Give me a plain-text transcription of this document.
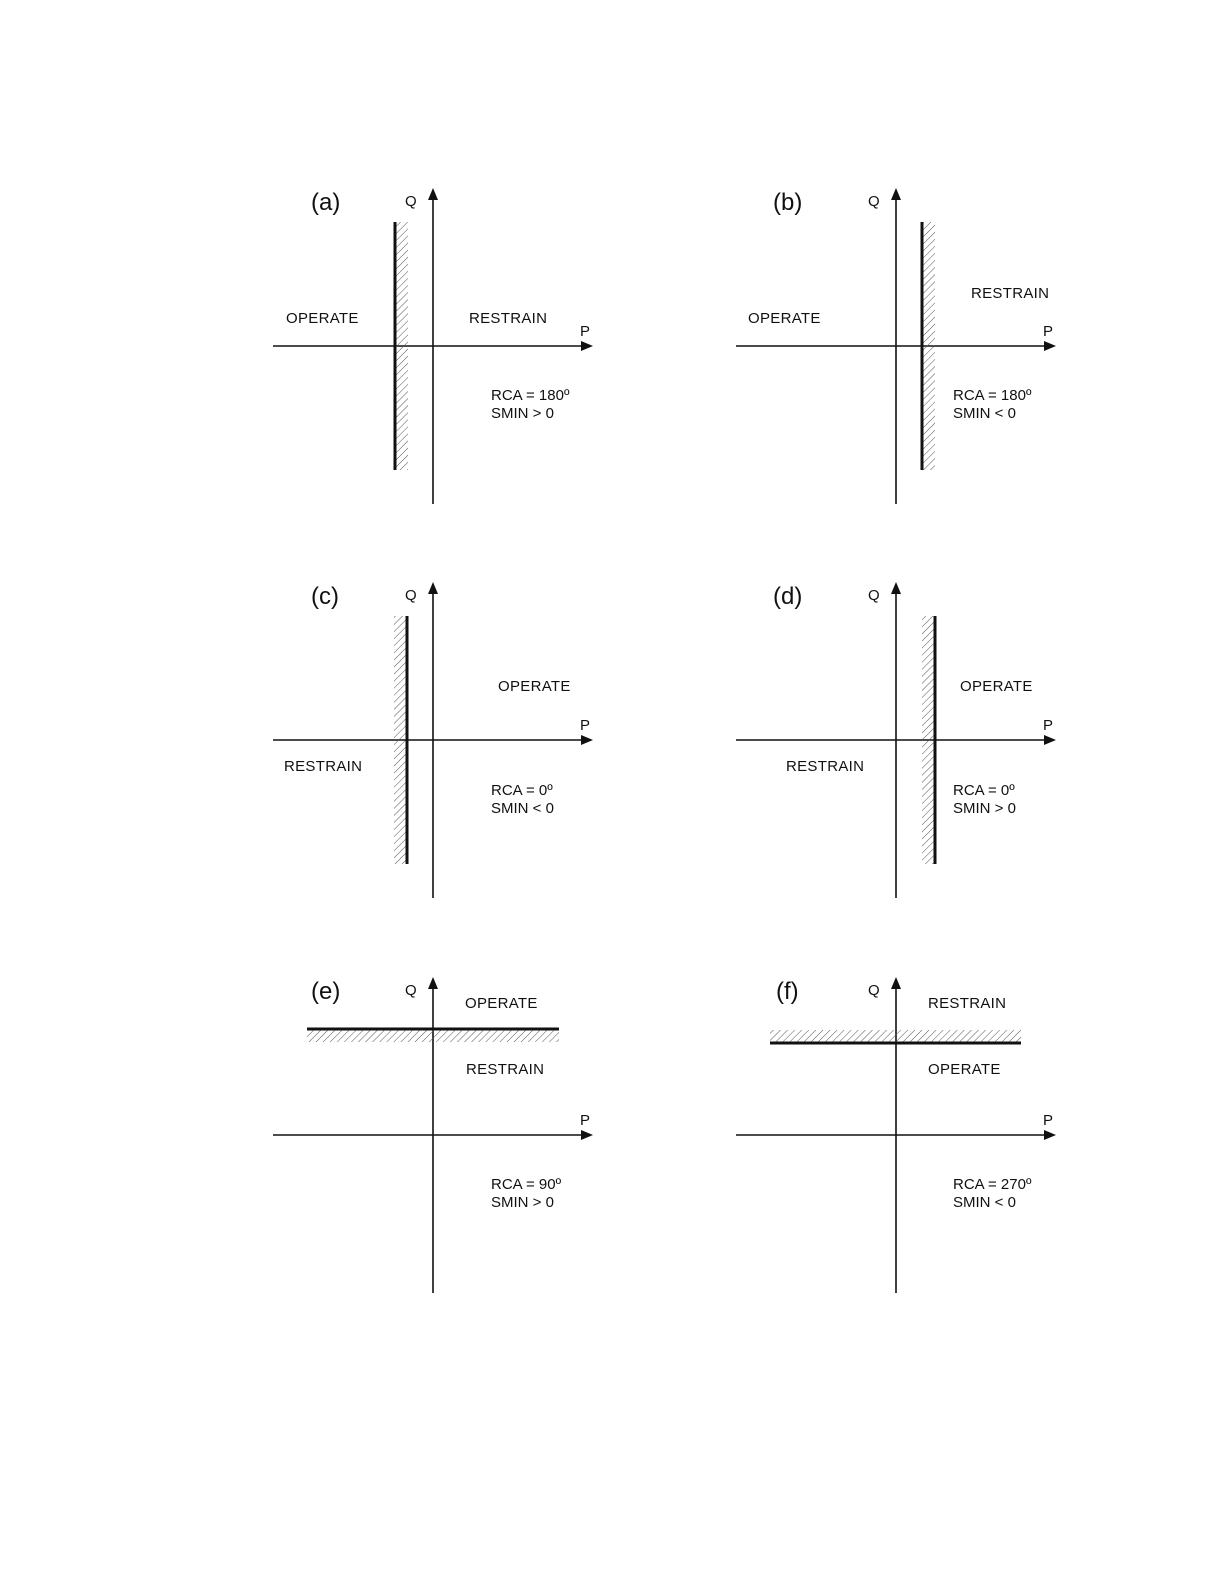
(a)
P
Q
OPERATE	RESTRAIN
RCA = 180º
SMIN > 0
(b)
P
Q
OPERATE
RESTRAIN
RCA = 180º
SMIN < 0
(c)
P
Q
OPERATE
RESTRAIN
RCA = 0º
SMIN < 0
(d)
P
Q
OPERATE
RESTRAIN
RCA = 0º
SMIN > 0
(e)
P
Q
OPERATE
RESTRAIN
RCA = 90º
SMIN > 0
(f)
P
Q
RESTRAIN
OPERATE
RCA = 270º
SMIN < 0
